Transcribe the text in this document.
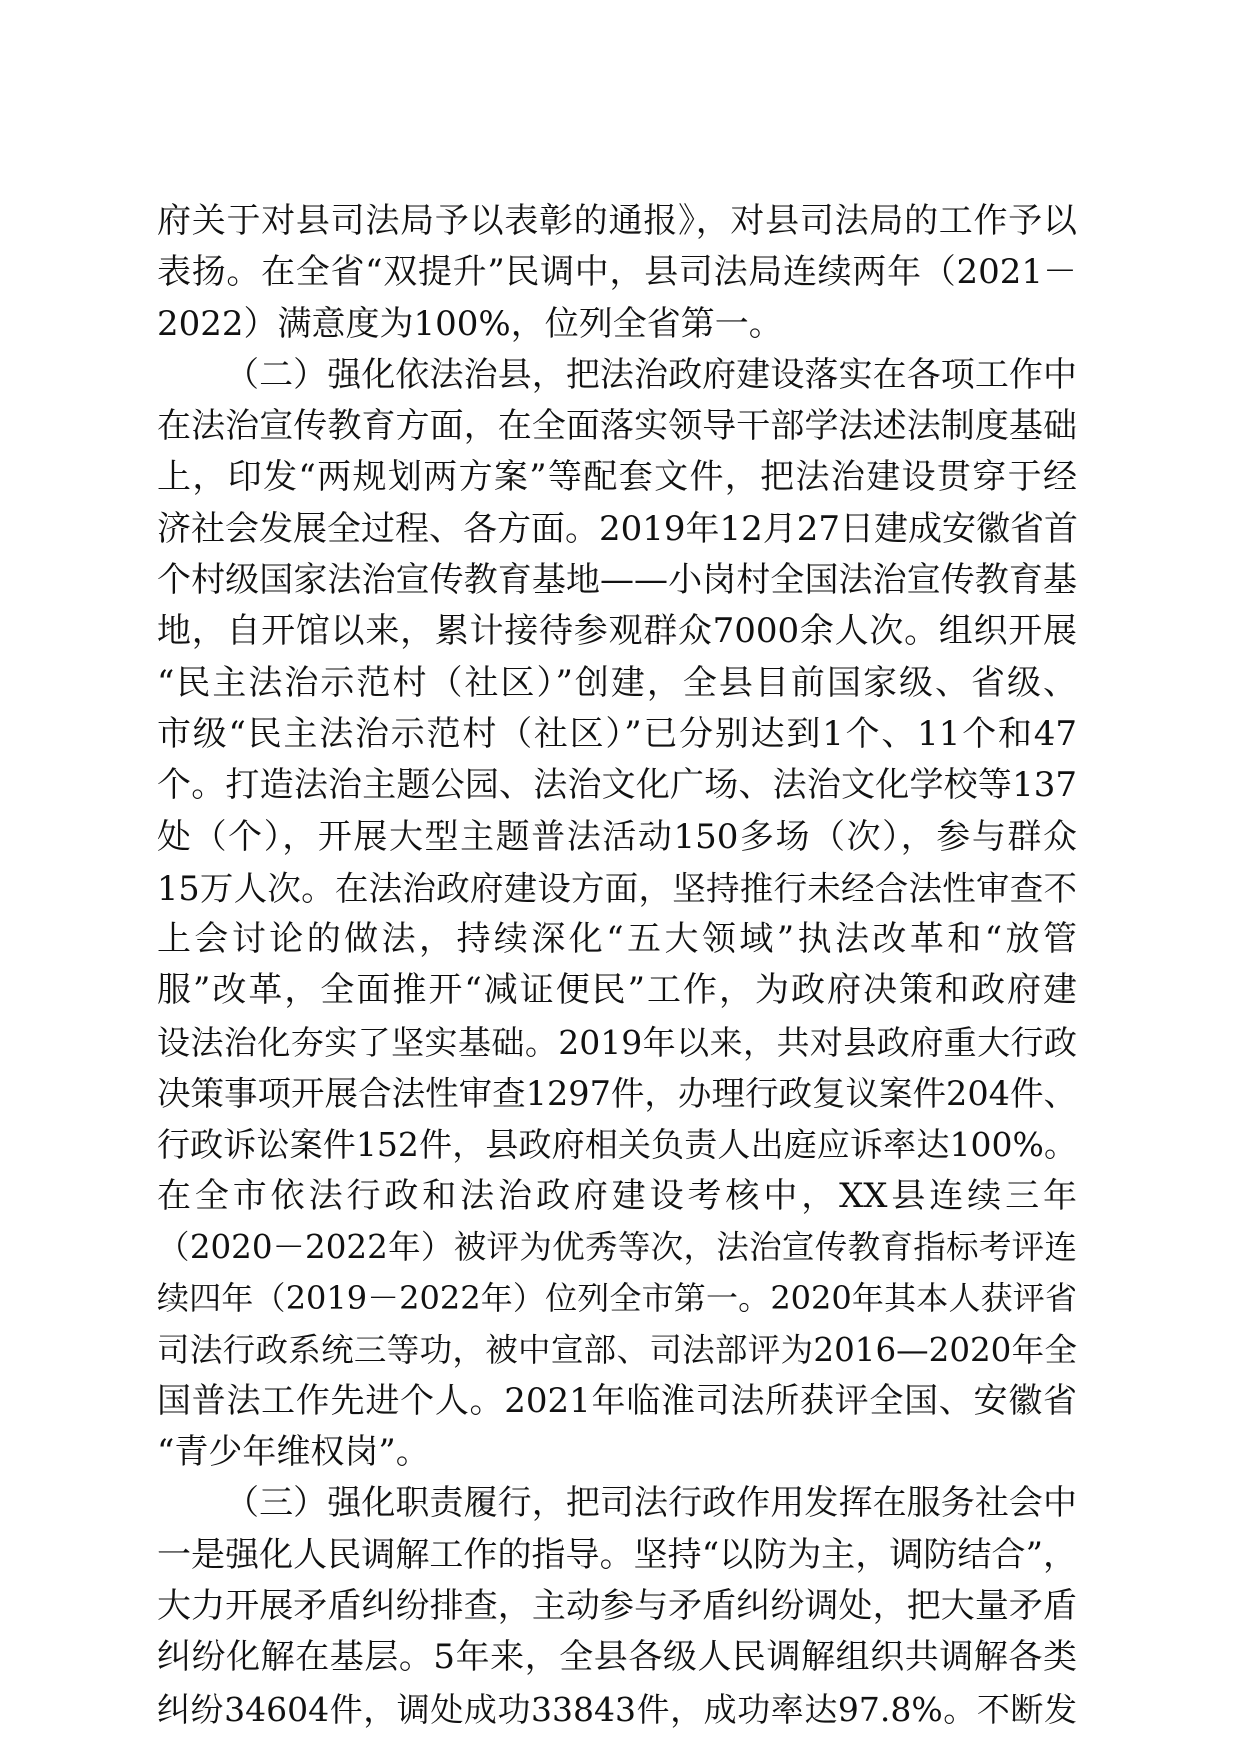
府关于对县司法局予以表彰的通报》，对县司法局的工作予以
表扬。在全省“双提升”民调中，县司法局连续两年（2021－
2022）满意度为100%，位列全省第一。
（二）强化依法治县，把法治政府建设落实在各项工作中
在法治宣传教育方面，在全面落实领导干部学法述法制度基础
上，印发“两规划两方案”等配套文件，把法治建设贯穿于经
济社会发展全过程、各方面。2019年12月27日建成安徽省首
个村级国家法治宣传教育基地——小岗村全国法治宣传教育基
地，自开馆以来，累计接待参观群众7000余人次。组织开展
“民主法治示范村（社区）”创建，全县目前国家级、省级、
市级“民主法治示范村（社区）”已分别达到1个、11个和47
个。打造法治主题公园、法治文化广场、法治文化学校等137
处（个），开展大型主题普法活动150多场（次），参与群众
15万人次。在法治政府建设方面，坚持推行未经合法性审查不
上会讨论的做法，持续深化“五大领域”执法改革和“放管
服”改革，全面推开“减证便民”工作，为政府决策和政府建
设法治化夯实了坚实基础。2019年以来，共对县政府重大行政
决策事项开展合法性审查1297件，办理行政复议案件204件、
行政诉讼案件152件，县政府相关负责人出庭应诉率达100%。
在全市依法行政和法治政府建设考核中，XX县连续三年
（2020－2022年）被评为优秀等次，法治宣传教育指标考评连
续四年（2019－2022年）位列全市第一。2020年其本人获评省
司法行政系统三等功，被中宣部、司法部评为2016—2020年全
国普法工作先进个人。2021年临淮司法所获评全国、安徽省
“青少年维权岗”。
（三）强化职责履行，把司法行政作用发挥在服务社会中
一是强化人民调解工作的指导。坚持“以防为主，调防结合”，
大力开展矛盾纠纷排查，主动参与矛盾纠纷调处，把大量矛盾
纠纷化解在基层。5年来，全县各级人民调解组织共调解各类
纠纷34604件，调处成功33843件，成功率达97.8%。不断发
